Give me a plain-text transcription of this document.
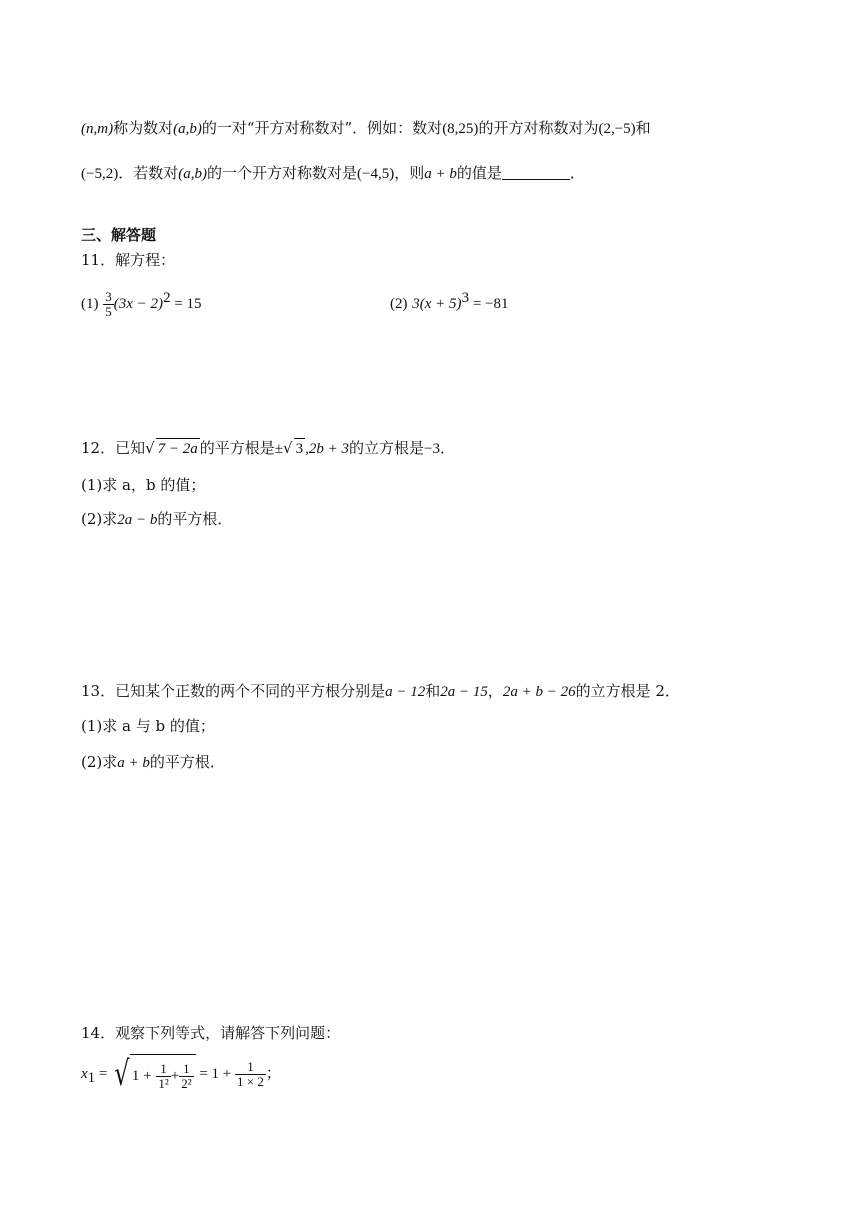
(n,m)称为数对(a,b)的一对“开方对称数对”．例如：数对(8,25)的开方对称数对为(2,−5)和
(−5,2)．若数对(a,b)的一个开方对称数对是(−4,5)，则a + b的值是	．
三、解答题
11．解方程：
$(1) \frac{3}{5} (3x - 2)^2 = 15$	(2) $3(x + 5)^3 = -81$
12．已知√ 7 − 2a 的平方根是±√ 3 ,2b + 3的立方根是−3．
(1)求 a，b 的值；
(2)求2a − b的平方根．
13．已知某个正数的两个不同的平方根分别是a − 12和2a − 15，2a + b − 26的立方根是 2．
(1)求 a 与 b 的值；
(2)求a + b的平方根．
14．观察下列等式，请解答下列问题：
$x_1$ = √ $1 + \frac{1}{\text{1²}} + \frac{1}{\text{2²}} = 1 + \frac{1}{1 \times 2}$ ；
